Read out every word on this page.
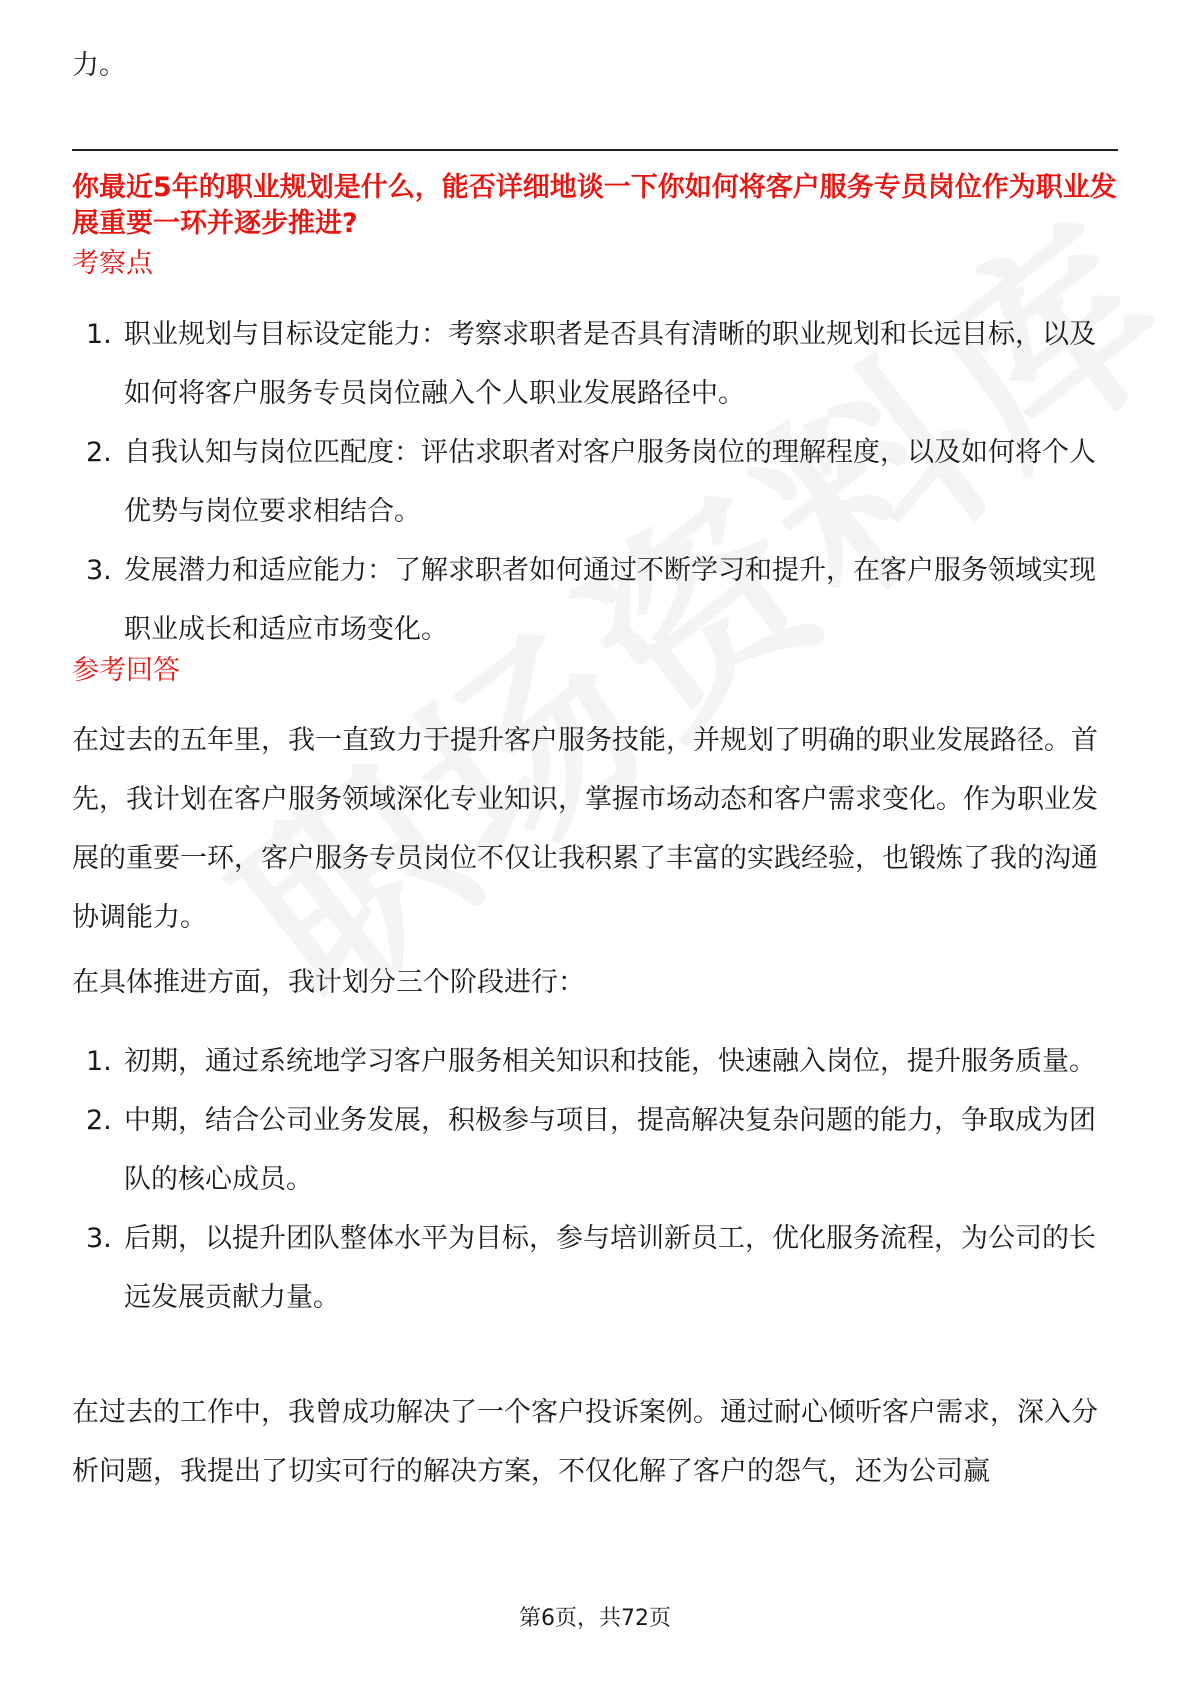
力。
你最近5年的职业规划是什么，能否详细地谈一下你如何将客户服务专员岗位作为职业发展重要一环并逐步推进?
考察点
1. 职业规划与目标设定能力：考察求职者是否具有清晰的职业规划和长远目标，以及如何将客户服务专员岗位融入个人职业发展路径中。
2. 自我认知与岗位匹配度：评估求职者对客户服务岗位的理解程度，以及如何将个人优势与岗位要求相结合。
3. 发展潜力和适应能力：了解求职者如何通过不断学习和提升，在客户服务领域实现职业成长和适应市场变化。
参考回答

在过去的五年里，我一直致力于提升客户服务技能，并规划了明确的职业发展路径。首先，我计划在客户服务领域深化专业知识，掌握市场动态和客户需求变化。作为职业发展的重要一环，客户服务专员岗位不仅让我积累了丰富的实践经验，也锻炼了我的沟通协调能力。

在具体推进方面，我计划分三个阶段进行：

1. 初期，通过系统地学习客户服务相关知识和技能，快速融入岗位，提升服务质量。
2. 中期，结合公司业务发展，积极参与项目，提高解决复杂问题的能力，争取成为团队的核心成员。
3. 后期，以提升团队整体水平为目标，参与培训新员工，优化服务流程，为公司的长远发展贡献力量。

在过去的工作中，我曾成功解决了一个客户投诉案例。通过耐心倾听客户需求，深入分析问题，我提出了切实可行的解决方案，不仅化解了客户的怨气，还为公司赢

第6页，共72页
